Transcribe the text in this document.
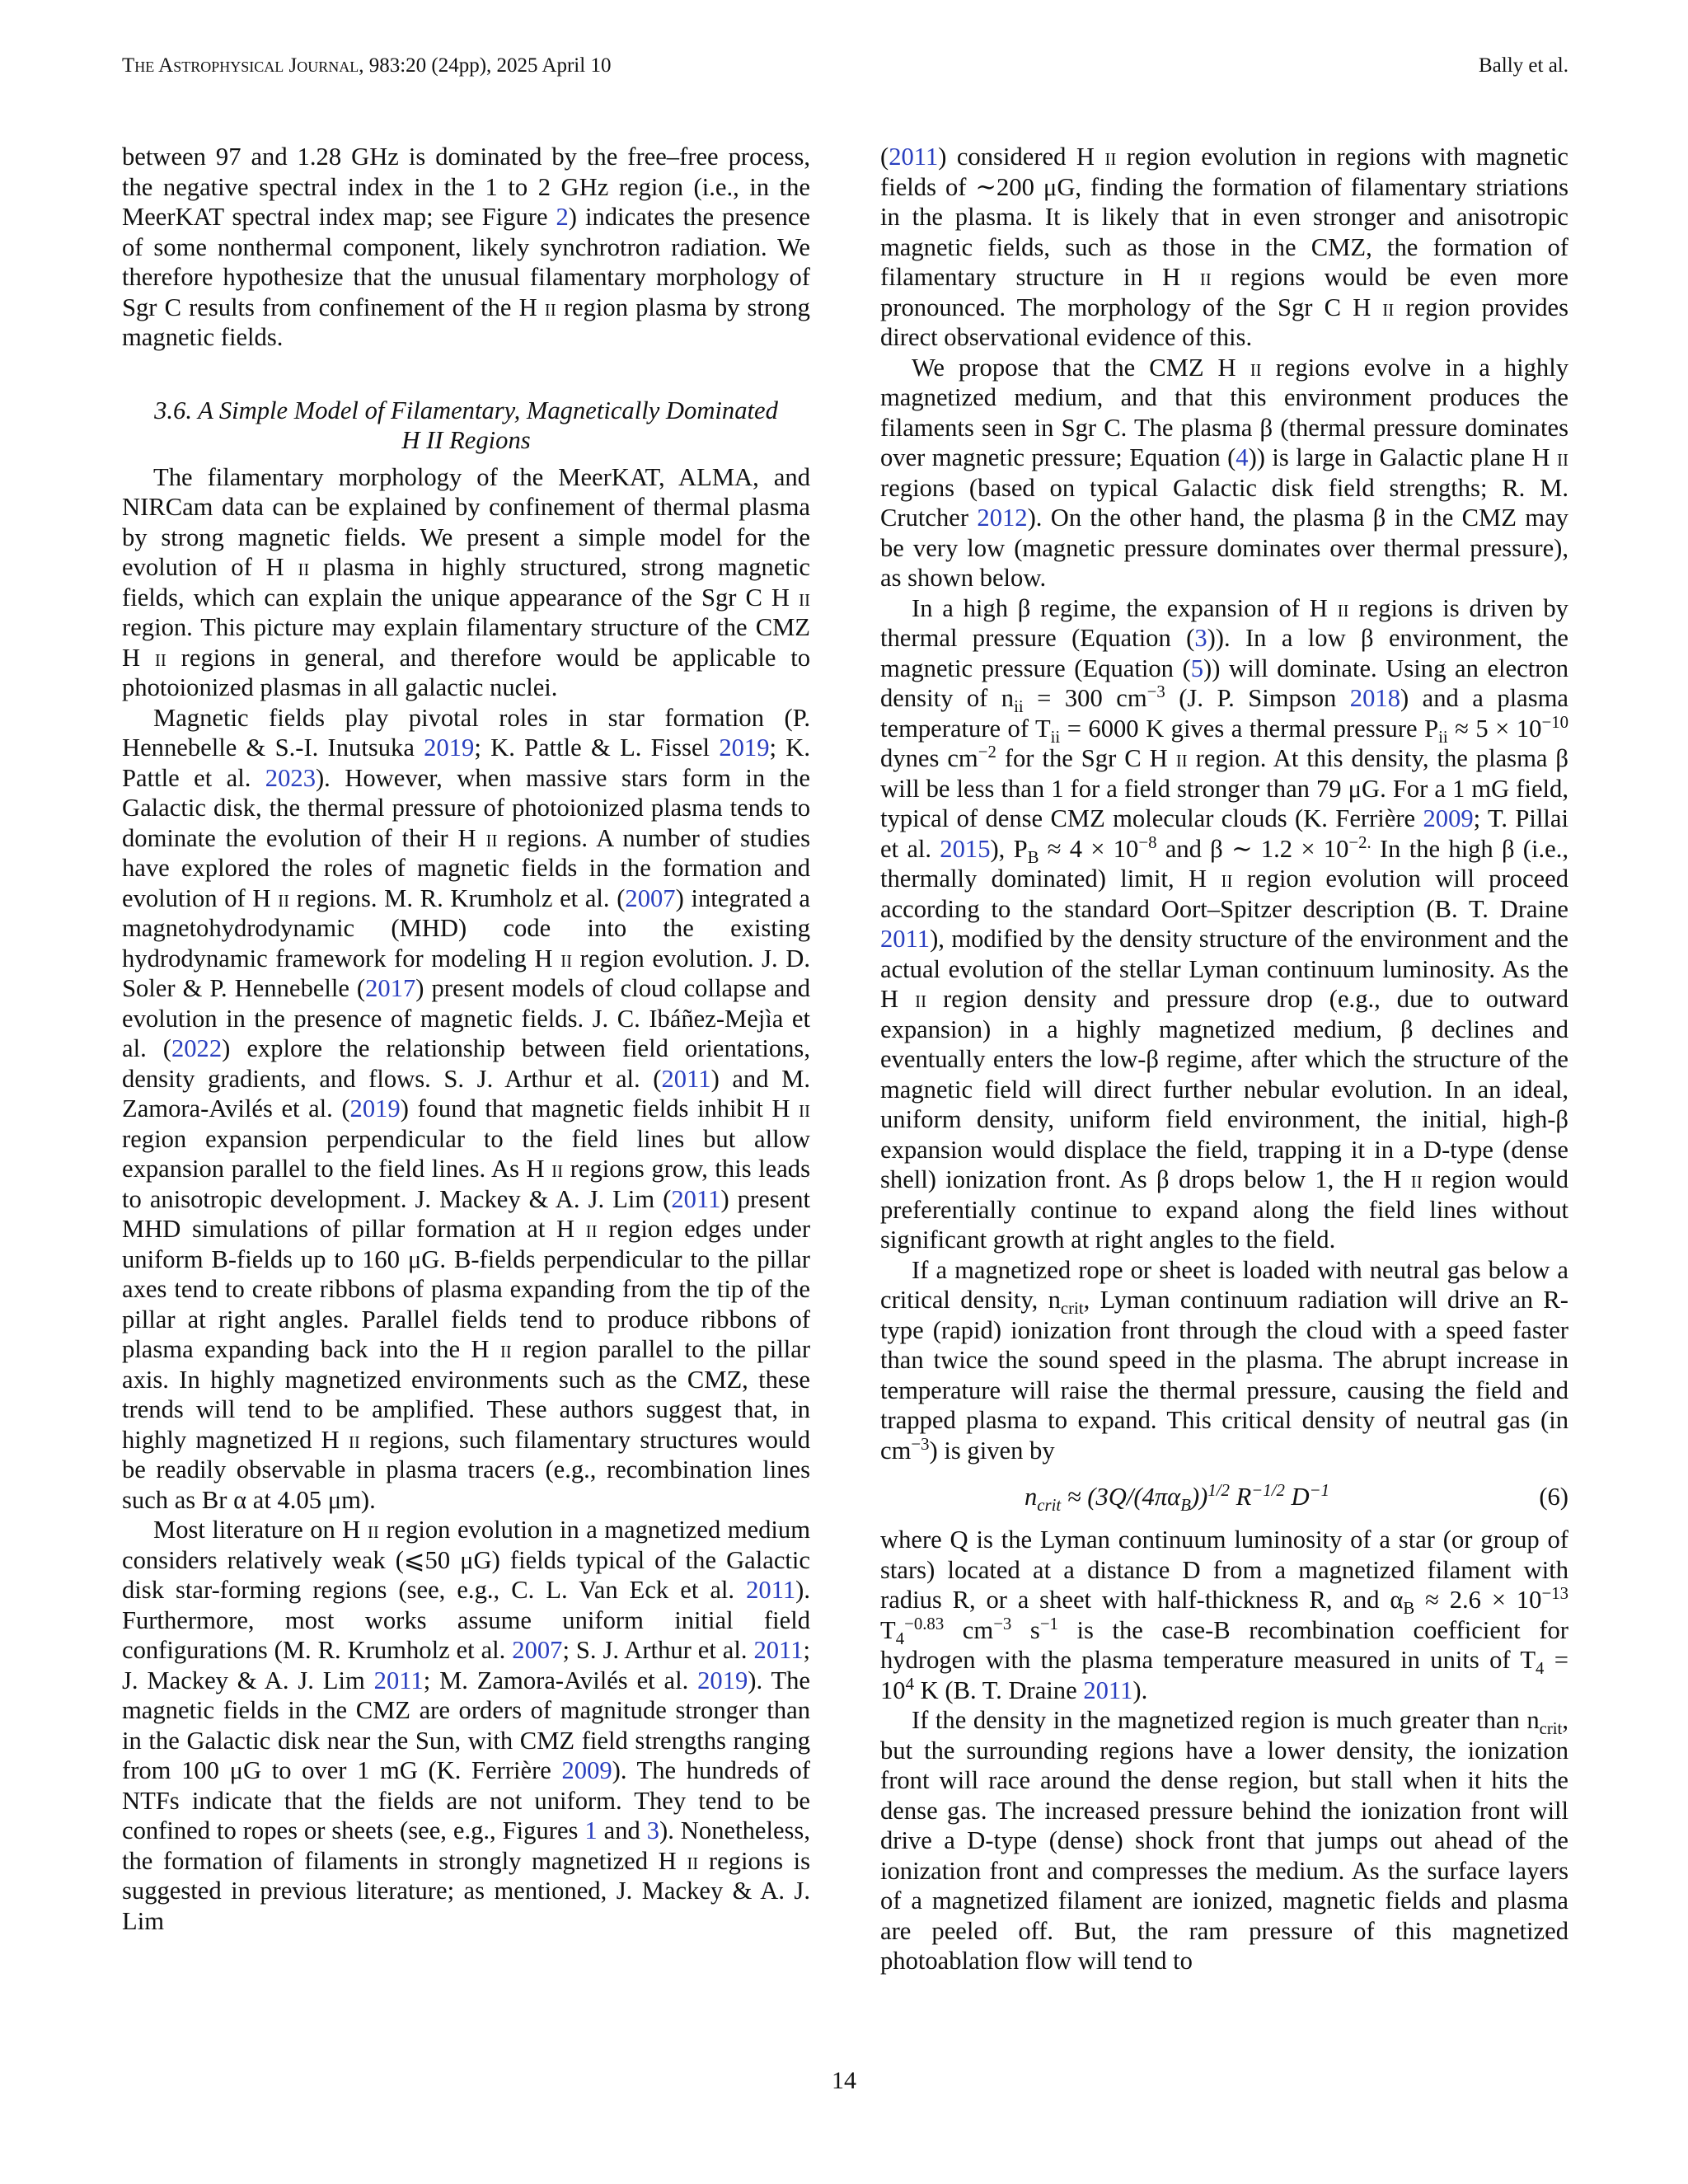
The Astrophysical Journal, 983:20 (24pp), 2025 April 10	Bally et al.

between 97 and 1.28 GHz is dominated by the free–free process, the negative spectral index in the 1 to 2 GHz region (i.e., in the MeerKAT spectral index map; see Figure 2) indicates the presence of some nonthermal component, likely synchrotron radiation. We therefore hypothesize that the unusual filamentary morphology of Sgr C results from confinement of the H ii region plasma by strong magnetic fields.

3.6. A Simple Model of Filamentary, Magnetically Dominated
H II Regions

The filamentary morphology of the MeerKAT, ALMA, and NIRCam data can be explained by confinement of thermal plasma by strong magnetic fields. We present a simple model for the evolution of H ii plasma in highly structured, strong magnetic fields, which can explain the unique appearance of the Sgr C H ii region. This picture may explain filamentary structure of the CMZ H ii regions in general, and therefore would be applicable to photoionized plasmas in all galactic nuclei.

Magnetic fields play pivotal roles in star formation (P. Hennebelle & S.-I. Inutsuka 2019; K. Pattle & L. Fissel 2019; K. Pattle et al. 2023). However, when massive stars form in the Galactic disk, the thermal pressure of photoionized plasma tends to dominate the evolution of their H ii regions. A number of studies have explored the roles of magnetic fields in the formation and evolution of H ii regions. M. R. Krumholz et al. (2007) integrated a magnetohydrodynamic (MHD) code into the existing hydrodynamic framework for modeling H ii region evolution. J. D. Soler & P. Hennebelle (2017) present models of cloud collapse and evolution in the presence of magnetic fields. J. C. Ibáñez-Mejìa et al. (2022) explore the relationship between field orientations, density gradients, and flows. S. J. Arthur et al. (2011) and M. Zamora-Avilés et al. (2019) found that magnetic fields inhibit H ii region expansion perpendicular to the field lines but allow expansion parallel to the field lines. As H ii regions grow, this leads to anisotropic development. J. Mackey & A. J. Lim (2011) present MHD simulations of pillar formation at H ii region edges under uniform B-fields up to 160 μG. B-fields perpendicular to the pillar axes tend to create ribbons of plasma expanding from the tip of the pillar at right angles. Parallel fields tend to produce ribbons of plasma expanding back into the H ii region parallel to the pillar axis. In highly magnetized environments such as the CMZ, these trends will tend to be amplified. These authors suggest that, in highly magnetized H ii regions, such filamentary structures would be readily observable in plasma tracers (e.g., recombination lines such as Br α at 4.05 μm).

Most literature on H ii region evolution in a magnetized medium considers relatively weak (⩽50 μG) fields typical of the Galactic disk star-forming regions (see, e.g., C. L. Van Eck et al. 2011). Furthermore, most works assume uniform initial field configurations (M. R. Krumholz et al. 2007; S. J. Arthur et al. 2011; J. Mackey & A. J. Lim 2011; M. Zamora-Avilés et al. 2019). The magnetic fields in the CMZ are orders of magnitude stronger than in the Galactic disk near the Sun, with CMZ field strengths ranging from 100 μG to over 1 mG (K. Ferrière 2009). The hundreds of NTFs indicate that the fields are not uniform. They tend to be confined to ropes or sheets (see, e.g., Figures 1 and 3). Nonetheless, the formation of filaments in strongly magnetized H ii regions is suggested in previous literature; as mentioned, J. Mackey & A. J. Lim

(2011) considered H ii region evolution in regions with magnetic fields of ∼200 μG, finding the formation of filamentary striations in the plasma. It is likely that in even stronger and anisotropic magnetic fields, such as those in the CMZ, the formation of filamentary structure in H ii regions would be even more pronounced. The morphology of the Sgr C H ii region provides direct observational evidence of this.

We propose that the CMZ H ii regions evolve in a highly magnetized medium, and that this environment produces the filaments seen in Sgr C. The plasma β (thermal pressure dominates over magnetic pressure; Equation (4)) is large in Galactic plane H ii regions (based on typical Galactic disk field strengths; R. M. Crutcher 2012). On the other hand, the plasma β in the CMZ may be very low (magnetic pressure dominates over thermal pressure), as shown below.

In a high β regime, the expansion of H ii regions is driven by thermal pressure (Equation (3)). In a low β environment, the magnetic pressure (Equation (5)) will dominate. Using an electron density of $n_{ii} = 300$ $cm^{-3}$ (J. P. Simpson 2018) and a plasma temperature of $T_{ii} = 6000$ K gives a thermal pressure $P_{ii} \approx 5 \times 10^{-10}$ dynes $cm^{-2}$ for the Sgr C H ii region. At this density, the plasma β will be less than 1 for a field stronger than 79 μG. For a 1 mG field, typical of dense CMZ molecular clouds (K. Ferrière 2009; T. Pillai et al. 2015), $P_B \approx 4 \times 10^{-8}$ and β ∼ $1.2 \times 10^{-2.}$ In the high β (i.e., thermally dominated) limit, H ii region evolution will proceed according to the standard Oort–Spitzer description (B. T. Draine 2011), modified by the density structure of the environment and the actual evolution of the stellar Lyman continuum luminosity. As the H ii region density and pressure drop (e.g., due to outward expansion) in a highly magnetized medium, β declines and eventually enters the low-β regime, after which the structure of the magnetic field will direct further nebular evolution. In an ideal, uniform density, uniform field environment, the initial, high-β expansion would displace the field, trapping it in a D-type (dense shell) ionization front. As β drops below 1, the H ii region would preferentially continue to expand along the field lines without significant growth at right angles to the field.

If a magnetized rope or sheet is loaded with neutral gas below a critical density, $n_{crit}$, Lyman continuum radiation will drive an R-type (rapid) ionization front through the cloud with a speed faster than twice the sound speed in the plasma. The abrupt increase in temperature will raise the thermal pressure, causing the field and trapped plasma to expand. This critical density of neutral gas (in $cm^{-3}$) is given by

$n_{crit} \approx (3Q/(4\pi\alpha_B))^{1/2}$ $R^{-1/2}$ $D^{-1}$	(6)

where Q is the Lyman continuum luminosity of a star (or group of stars) located at a distance D from a magnetized filament with radius R, or a sheet with half-thickness R, and $\alpha_B \approx 2.6 \times 10^{-13}$ $T_4^{-0.83}$ $cm^{-3}$ $s^{-1}$ is the case-B recombination coefficient for hydrogen with the plasma temperature measured in units of $T_4 = 10^4$ K (B. T. Draine 2011).

If the density in the magnetized region is much greater than $n_{crit}$, but the surrounding regions have a lower density, the ionization front will race around the dense region, but stall when it hits the dense gas. The increased pressure behind the ionization front will drive a D-type (dense) shock front that jumps out ahead of the ionization front and compresses the medium. As the surface layers of a magnetized filament are ionized, magnetic fields and plasma are peeled off. But, the ram pressure of this magnetized photoablation flow will tend to

14
